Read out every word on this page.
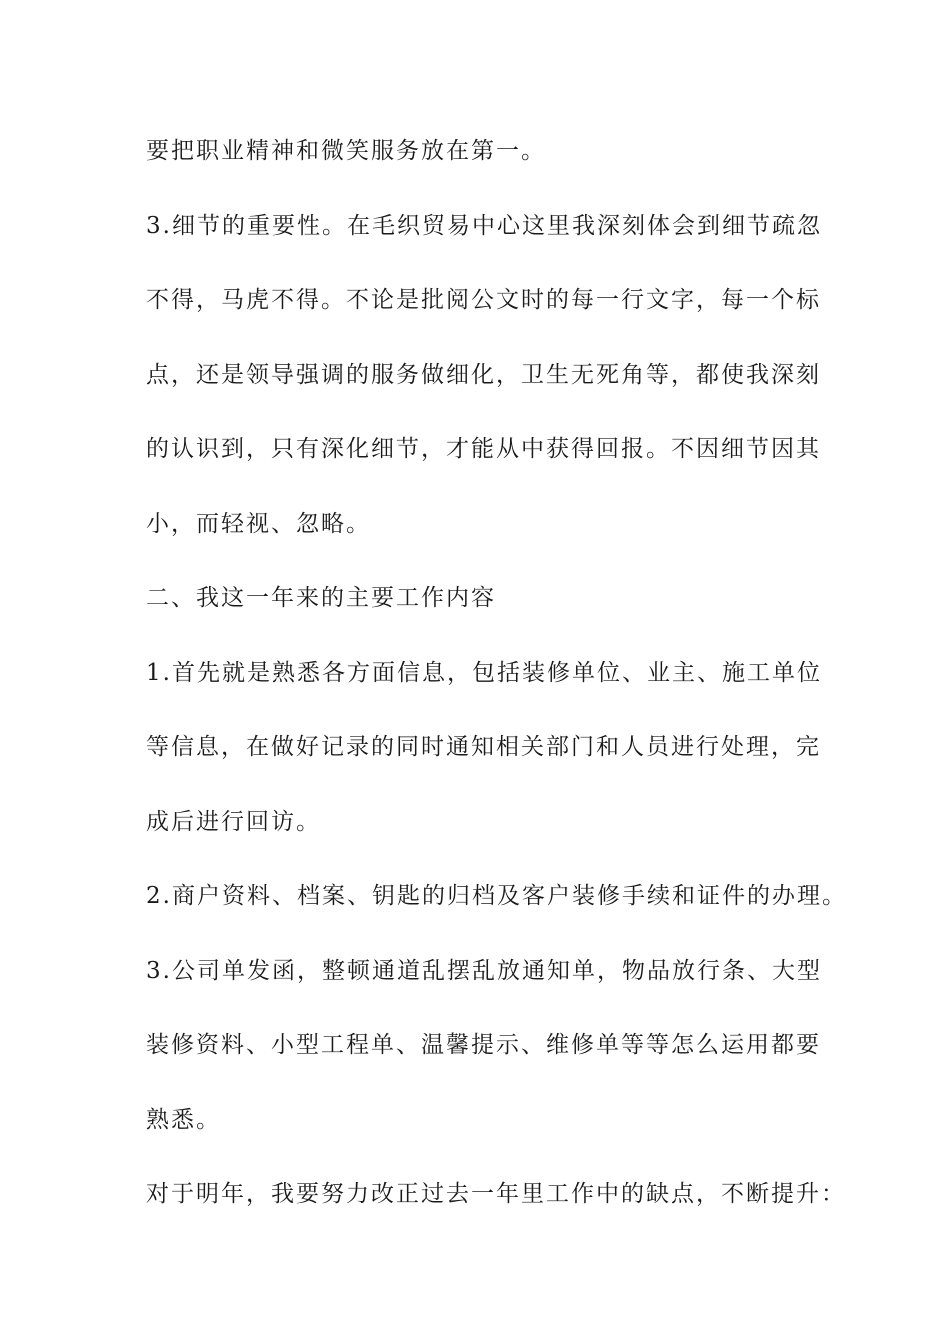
要把职业精神和微笑服务放在第一。
3.细节的重要性。在毛织贸易中心这里我深刻体会到细节疏忽
不得，马虎不得。不论是批阅公文时的每一行文字，每一个标
点，还是领导强调的服务做细化，卫生无死角等，都使我深刻
的认识到，只有深化细节，才能从中获得回报。不因细节因其
小，而轻视、忽略。
二、我这一年来的主要工作内容
1.首先就是熟悉各方面信息，包括装修单位、业主、施工单位
等信息，在做好记录的同时通知相关部门和人员进行处理，完
成后进行回访。
2.商户资料、档案、钥匙的归档及客户装修手续和证件的办理。
3.公司单发函，整顿通道乱摆乱放通知单，物品放行条、大型
装修资料、小型工程单、温馨提示、维修单等等怎么运用都要
熟悉。
对于明年，我要努力改正过去一年里工作中的缺点，不断提升：
